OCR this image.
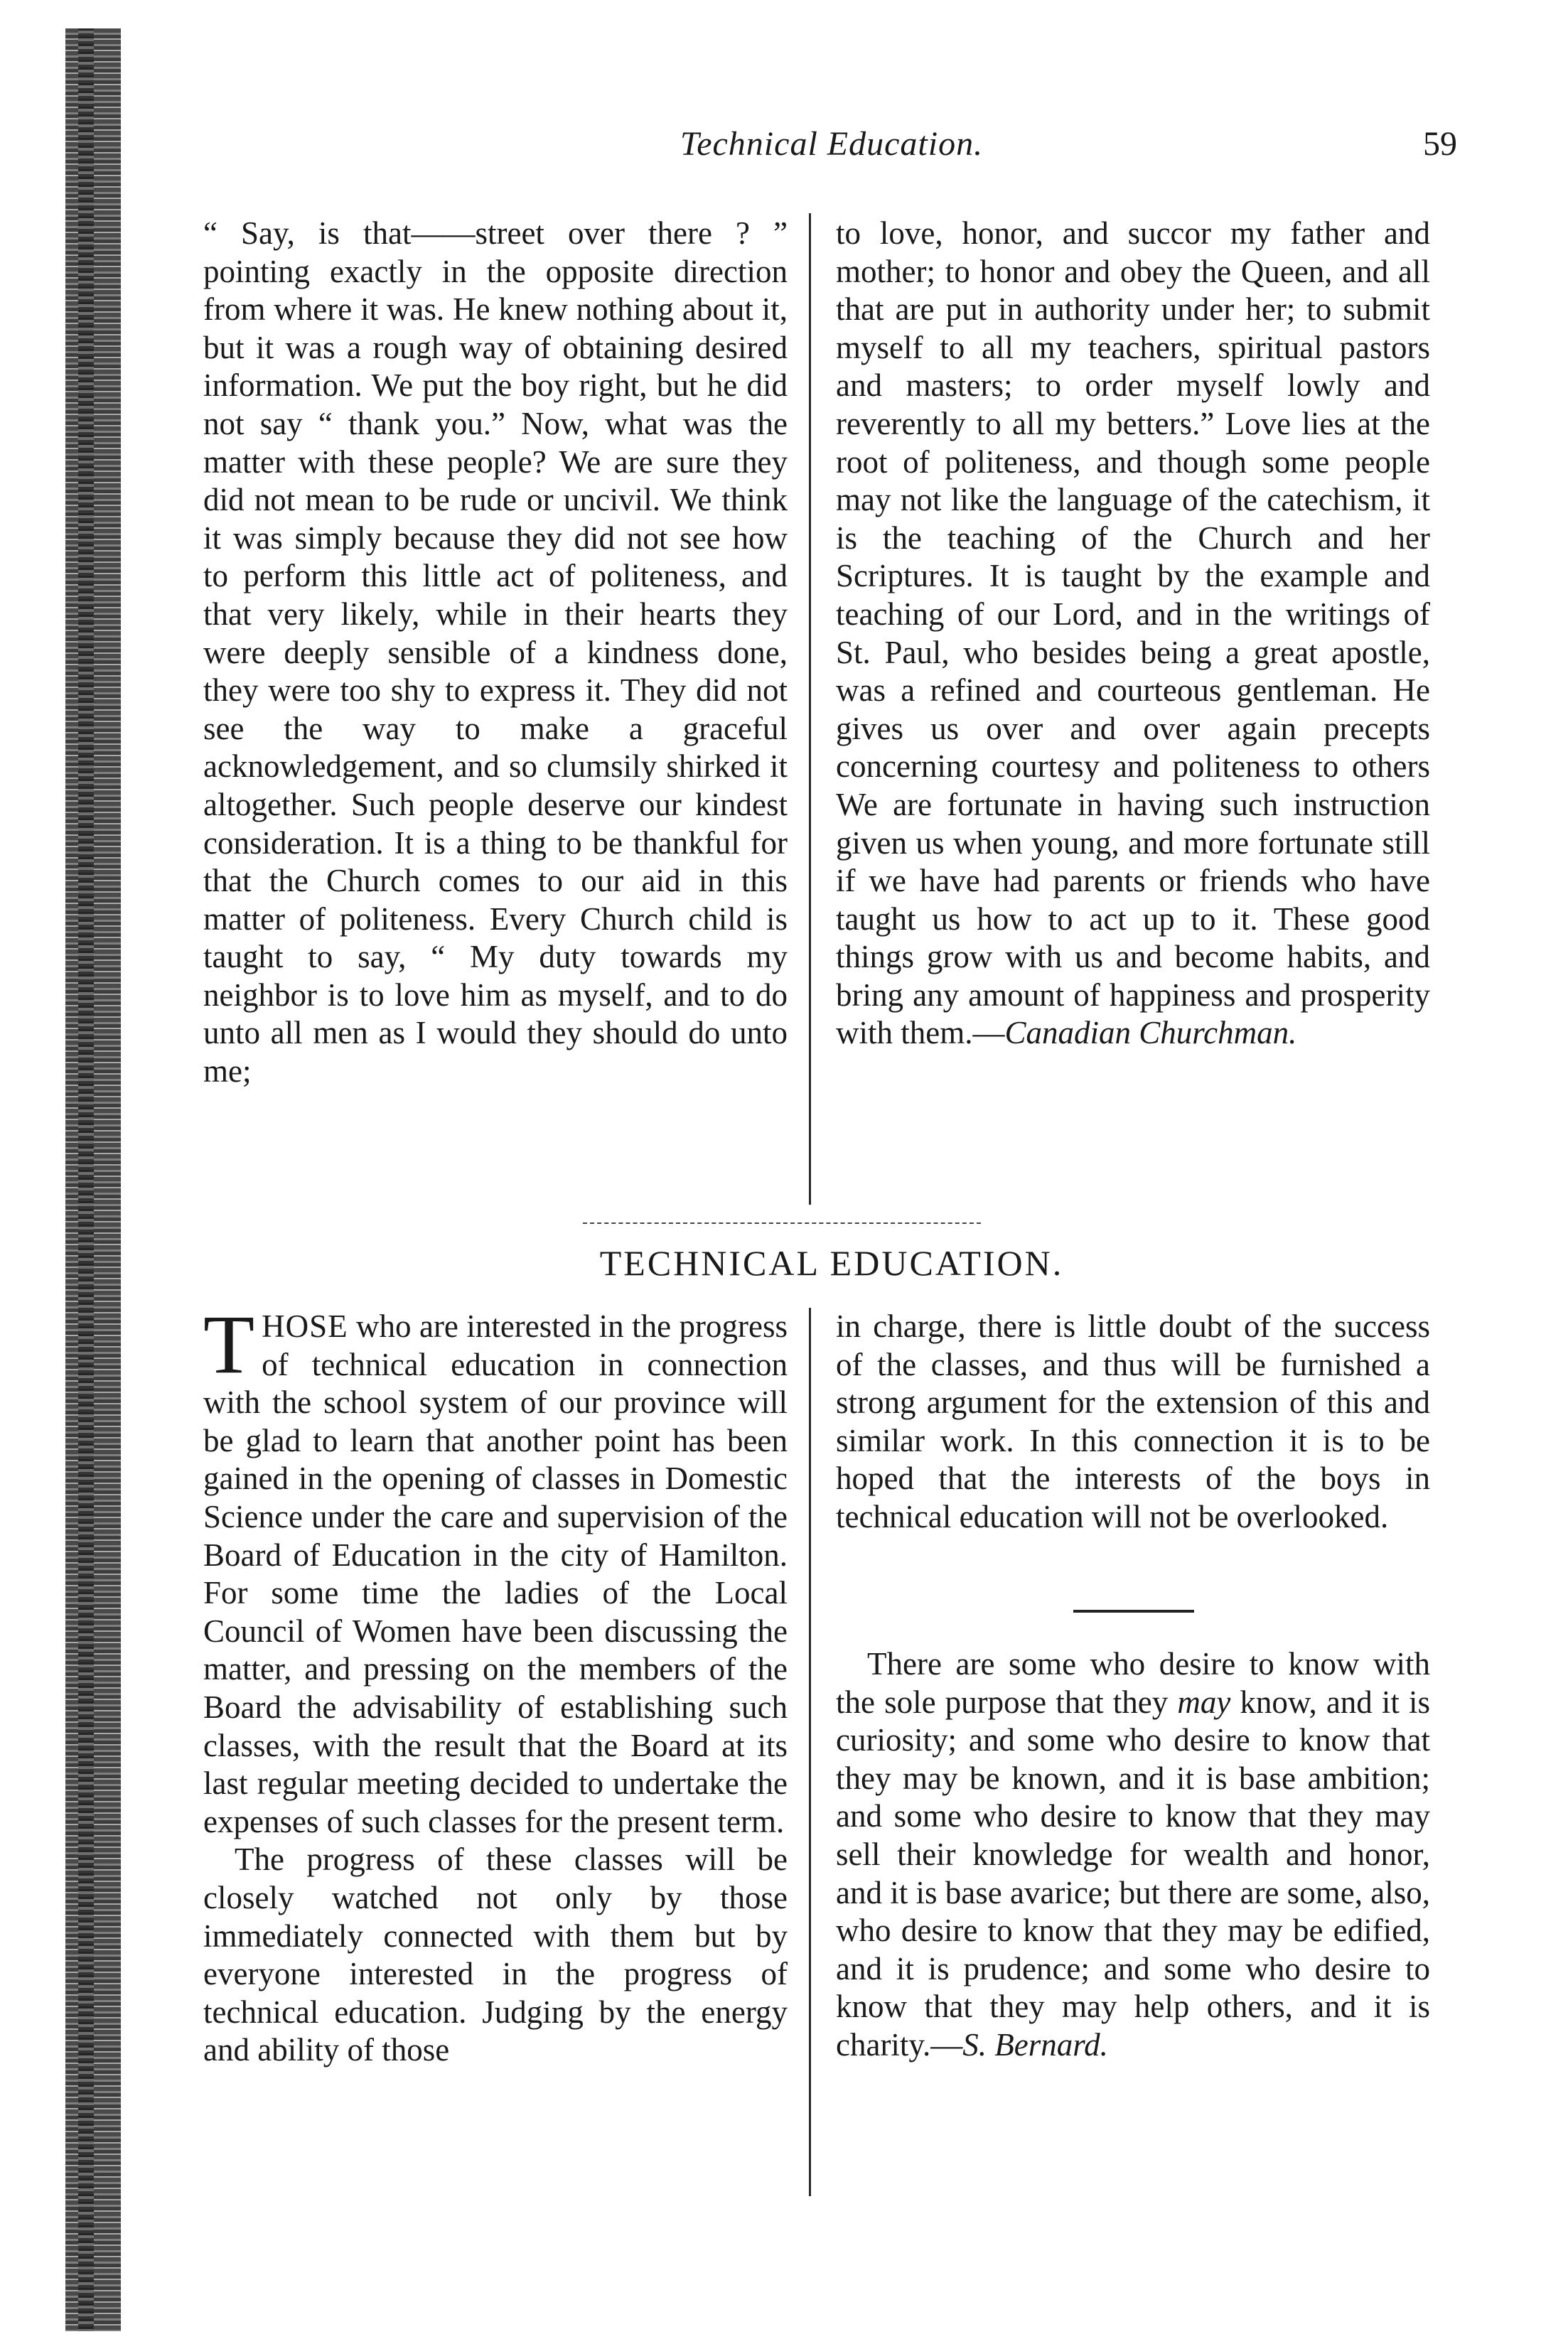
Technical Education.	59

“ Say, is that——street over there ? ” pointing exactly in the opposite direction from where it was. He knew nothing about it, but it was a rough way of obtaining desired information. We put the boy right, but he did not say “ thank you.” Now, what was the matter with these people? We are sure they did not mean to be rude or uncivil. We think it was simply because they did not see how to perform this little act of politeness, and that very likely, while in their hearts they were deeply sensible of a kindness done, they were too shy to express it. They did not see the way to make a graceful acknowledgement, and so clumsily shirked it altogether. Such people deserve our kindest consideration. It is a thing to be thankful for that the Church comes to our aid in this matter of politeness. Every Church child is taught to say, “ My duty towards my neighbor is to love him as myself, and to do unto all men as I would they should do unto me;

to love, honor, and succor my father and mother; to honor and obey the Queen, and all that are put in authority under her; to submit myself to all my teachers, spiritual pastors and masters; to order myself lowly and reverently to all my betters.” Love lies at the root of politeness, and though some people may not like the language of the catechism, it is the teaching of the Church and her Scriptures. It is taught by the example and teaching of our Lord, and in the writings of St. Paul, who besides being a great apostle, was a refined and courteous gentleman. He gives us over and over again precepts concerning courtesy and politeness to others We are fortunate in having such instruction given us when young, and more fortunate still if we have had parents or friends who have taught us how to act up to it. These good things grow with us and become habits, and bring any amount of happiness and prosperity with them.—Canadian Churchman.

TECHNICAL EDUCATION.

THOSE who are interested in the progress of technical education in connection with the school system of our province will be glad to learn that another point has been gained in the opening of classes in Domestic Science under the care and supervision of the Board of Education in the city of Hamilton. For some time the ladies of the Local Council of Women have been discussing the matter, and pressing on the members of the Board the advisability of establishing such classes, with the result that the Board at its last regular meeting decided to undertake the expenses of such classes for the present term.

The progress of these classes will be closely watched not only by those immediately connected with them but by everyone interested in the progress of technical education. Judging by the energy and ability of those

in charge, there is little doubt of the success of the classes, and thus will be furnished a strong argument for the extension of this and similar work. In this connection it is to be hoped that the interests of the boys in technical education will not be overlooked.

There are some who desire to know with the sole purpose that they may know, and it is curiosity; and some who desire to know that they may be known, and it is base ambition; and some who desire to know that they may sell their knowledge for wealth and honor, and it is base avarice; but there are some, also, who desire to know that they may be edified, and it is prudence; and some who desire to know that they may help others, and it is charity.—S. Bernard.
